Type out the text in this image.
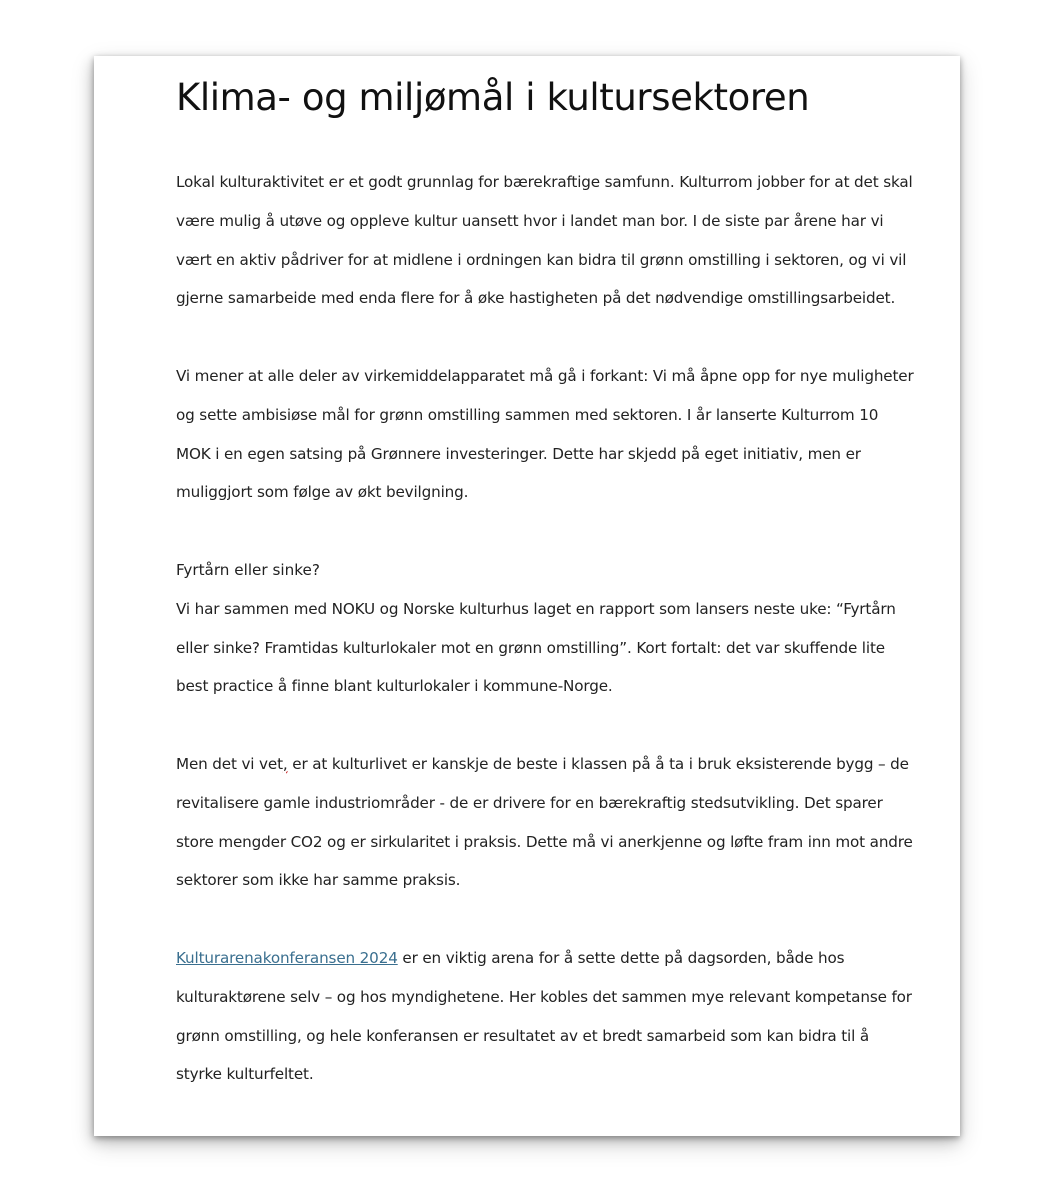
Klima- og miljømål i kultursektoren

Lokal kulturaktivitet er et godt grunnlag for bærekraftige samfunn. Kulturrom jobber for at det skal være mulig å utøve og oppleve kultur uansett hvor i landet man bor. I de siste par årene har vi vært en aktiv pådriver for at midlene i ordningen kan bidra til grønn omstilling i sektoren, og vi vil gjerne samarbeide med enda flere for å øke hastigheten på det nødvendige omstillingsarbeidet.

Vi mener at alle deler av virkemiddelapparatet må gå i forkant: Vi må åpne opp for nye muligheter og sette ambisiøse mål for grønn omstilling sammen med sektoren. I år lanserte Kulturrom 10 MOK i en egen satsing på Grønnere investeringer. Dette har skjedd på eget initiativ, men er muliggjort som følge av økt bevilgning.

Fyrtårn eller sinke?

Vi har sammen med NOKU og Norske kulturhus laget en rapport som lansers neste uke: “Fyrtårn eller sinke? Framtidas kulturlokaler mot en grønn omstilling”. Kort fortalt: det var skuffende lite best practice å finne blant kulturlokaler i kommune-Norge.

Men det vi vet, er at kulturlivet er kanskje de beste i klassen på å ta i bruk eksisterende bygg – de revitalisere gamle industriområder - de er drivere for en bærekraftig stedsutvikling. Det sparer store mengder CO2 og er sirkularitet i praksis. Dette må vi anerkjenne og løfte fram inn mot andre sektorer som ikke har samme praksis.

Kulturarenakonferansen 2024 er en viktig arena for å sette dette på dagsorden, både hos kulturaktørene selv – og hos myndighetene. Her kobles det sammen mye relevant kompetanse for grønn omstilling, og hele konferansen er resultatet av et bredt samarbeid som kan bidra til å styrke kulturfeltet.
